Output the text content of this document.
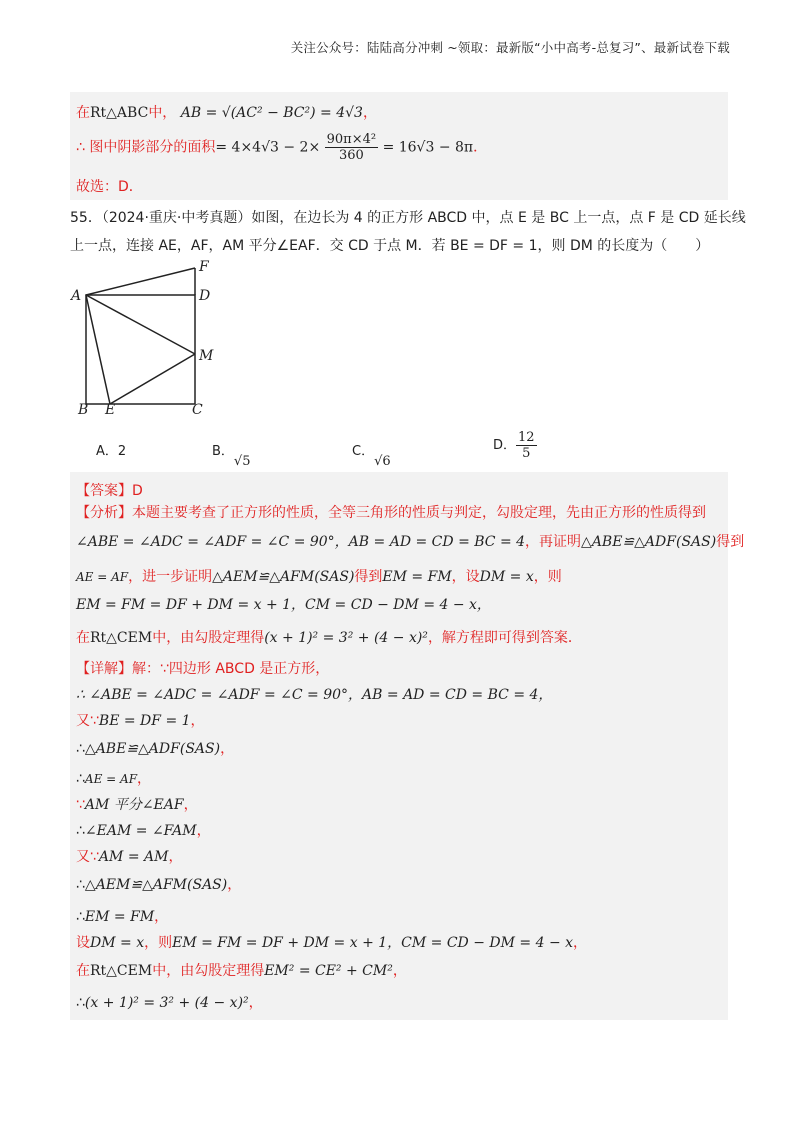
关注公众号：陆陆高分冲刺 ~领取：最新版“小中高考-总复习”、最新试卷下载
在Rt△ABC中， AB = √(AC² − BC²) = 4√3，
∴ 图中阴影部分的面积= $4\times 4√3 - 2\times \frac{\text{90π×4²}}{360} = 16√3 - 8\pi$．
故选：D．
55．（2024·重庆·中考真题）如图，在边长为 4 的正方形 ABCD 中，点 E 是 BC 上一点，点 F 是 CD 延长线
上一点，连接 AE，AF，AM 平分∠EAF．交 CD 于点 M．若 BE = DF = 1，则 DM 的长度为（　　）
A
B	C
D
E
F
M
A．2	B．√5
C．√6
D． $\frac{12}{5}$
【答案】D
【分析】本题主要考查了正方形的性质，全等三角形的性质与判定，勾股定理，先由正方形的性质得到
∠ABE = ∠ADC = ∠ADF = ∠C = 90°，AB = AD = CD = BC = 4，再证明△ABE≌△ADF(SAS)得到
AE = AF，进一步证明△AEM≌△AFM(SAS)得到EM = FM，设DM = x，则
EM = FM = DF + DM = x + 1，CM = CD − DM = 4 − x，
在Rt△CEM中，由勾股定理得(x + 1)² = 3² + (4 − x)²，解方程即可得到答案．
【详解】解：∵四边形 ABCD 是正方形，
∴ ∠ABE = ∠ADC = ∠ADF = ∠C = 90°，AB = AD = CD = BC = 4，
又∵BE = DF = 1，
∴△ABE≌△ADF(SAS)，
∴AE = AF，
∵AM 平分∠EAF，
∴∠EAM = ∠FAM，
又∵AM = AM，
∴△AEM≌△AFM(SAS)，
∴EM = FM，
设DM = x，则EM = FM = DF + DM = x + 1，CM = CD − DM = 4 − x，
在Rt△CEM中，由勾股定理得EM² = CE² + CM²，
∴(x + 1)² = 3² + (4 − x)²，
